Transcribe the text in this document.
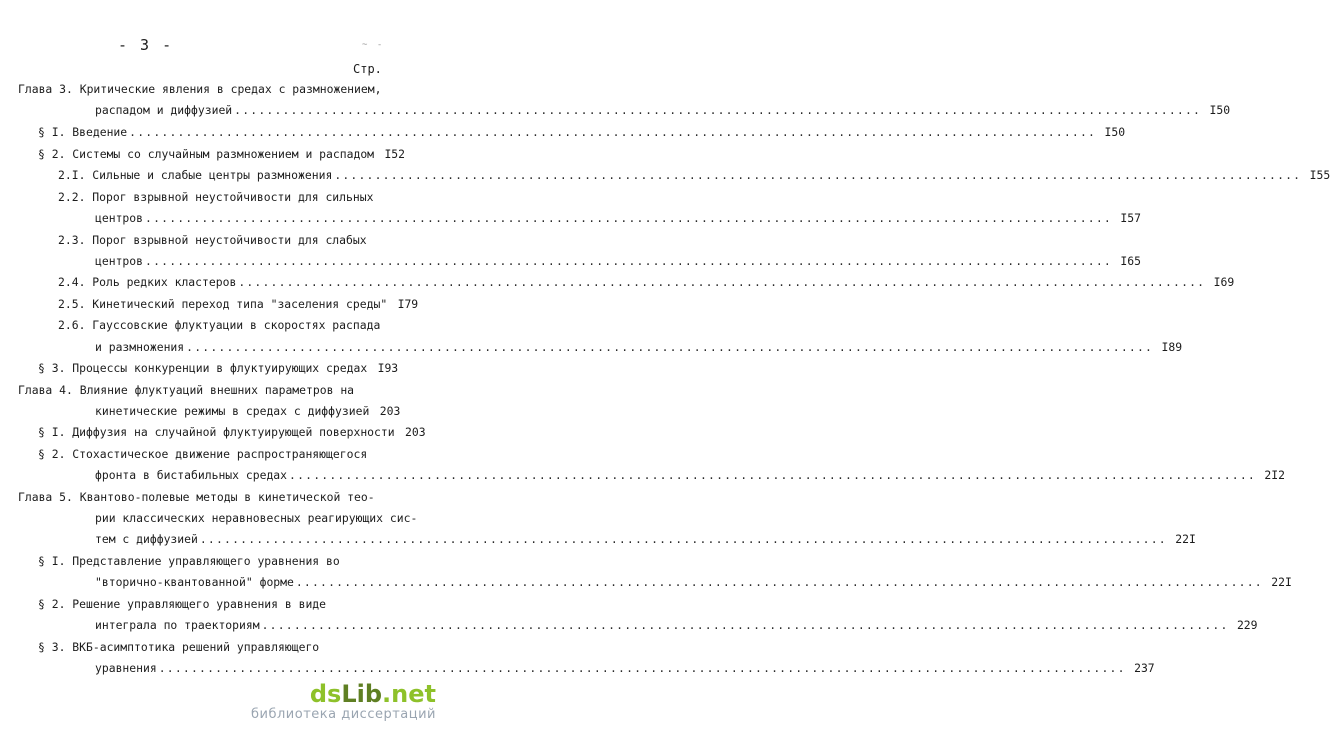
- 3 -	~ -
Стр.
Глава 3. Критические явления в средах с размножением,
распадом и диффузией ........................................................................................................................ I50
§ I. Введение ........................................................................................................................ I50
§ 2. Системы со случайным размножением и распадом I52
2.I. Сильные и слабые центры размножения ........................................................................................................................ I55
2.2. Порог взрывной неустойчивости для сильных
центров ........................................................................................................................ I57
2.3. Порог взрывной неустойчивости для слабых
центров ........................................................................................................................ I65
2.4. Роль редких кластеров ........................................................................................................................ I69
2.5. Кинетический переход типа "заселения среды" I79
2.6. Гауссовские флуктуации в скоростях распада
и размножения ........................................................................................................................ I89
§ 3. Процессы конкуренции в флуктуирующих средах I93
Глава 4. Влияние флуктуаций внешних параметров на
кинетические режимы в средах с диффузией 203
§ I. Диффузия на случайной флуктуирующей поверхности 203
§ 2. Стохастическое движение распространяющегося
фронта в бистабильных средах ........................................................................................................................ 2I2
Глава 5. Квантово-полевые методы в кинетической тео-
рии классических неравновесных реагирующих сис-
тем с диффузией ........................................................................................................................ 22I
§ I. Представление управляющего уравнения во
"вторично-квантованной" форме ........................................................................................................................ 22I
§ 2. Решение управляющего уравнения в виде
интеграла по траекториям ........................................................................................................................ 229
§ 3. ВКБ-асимптотика решений управляющего
уравнения ........................................................................................................................ 237
dsLib.net
библиотека диссертаций
